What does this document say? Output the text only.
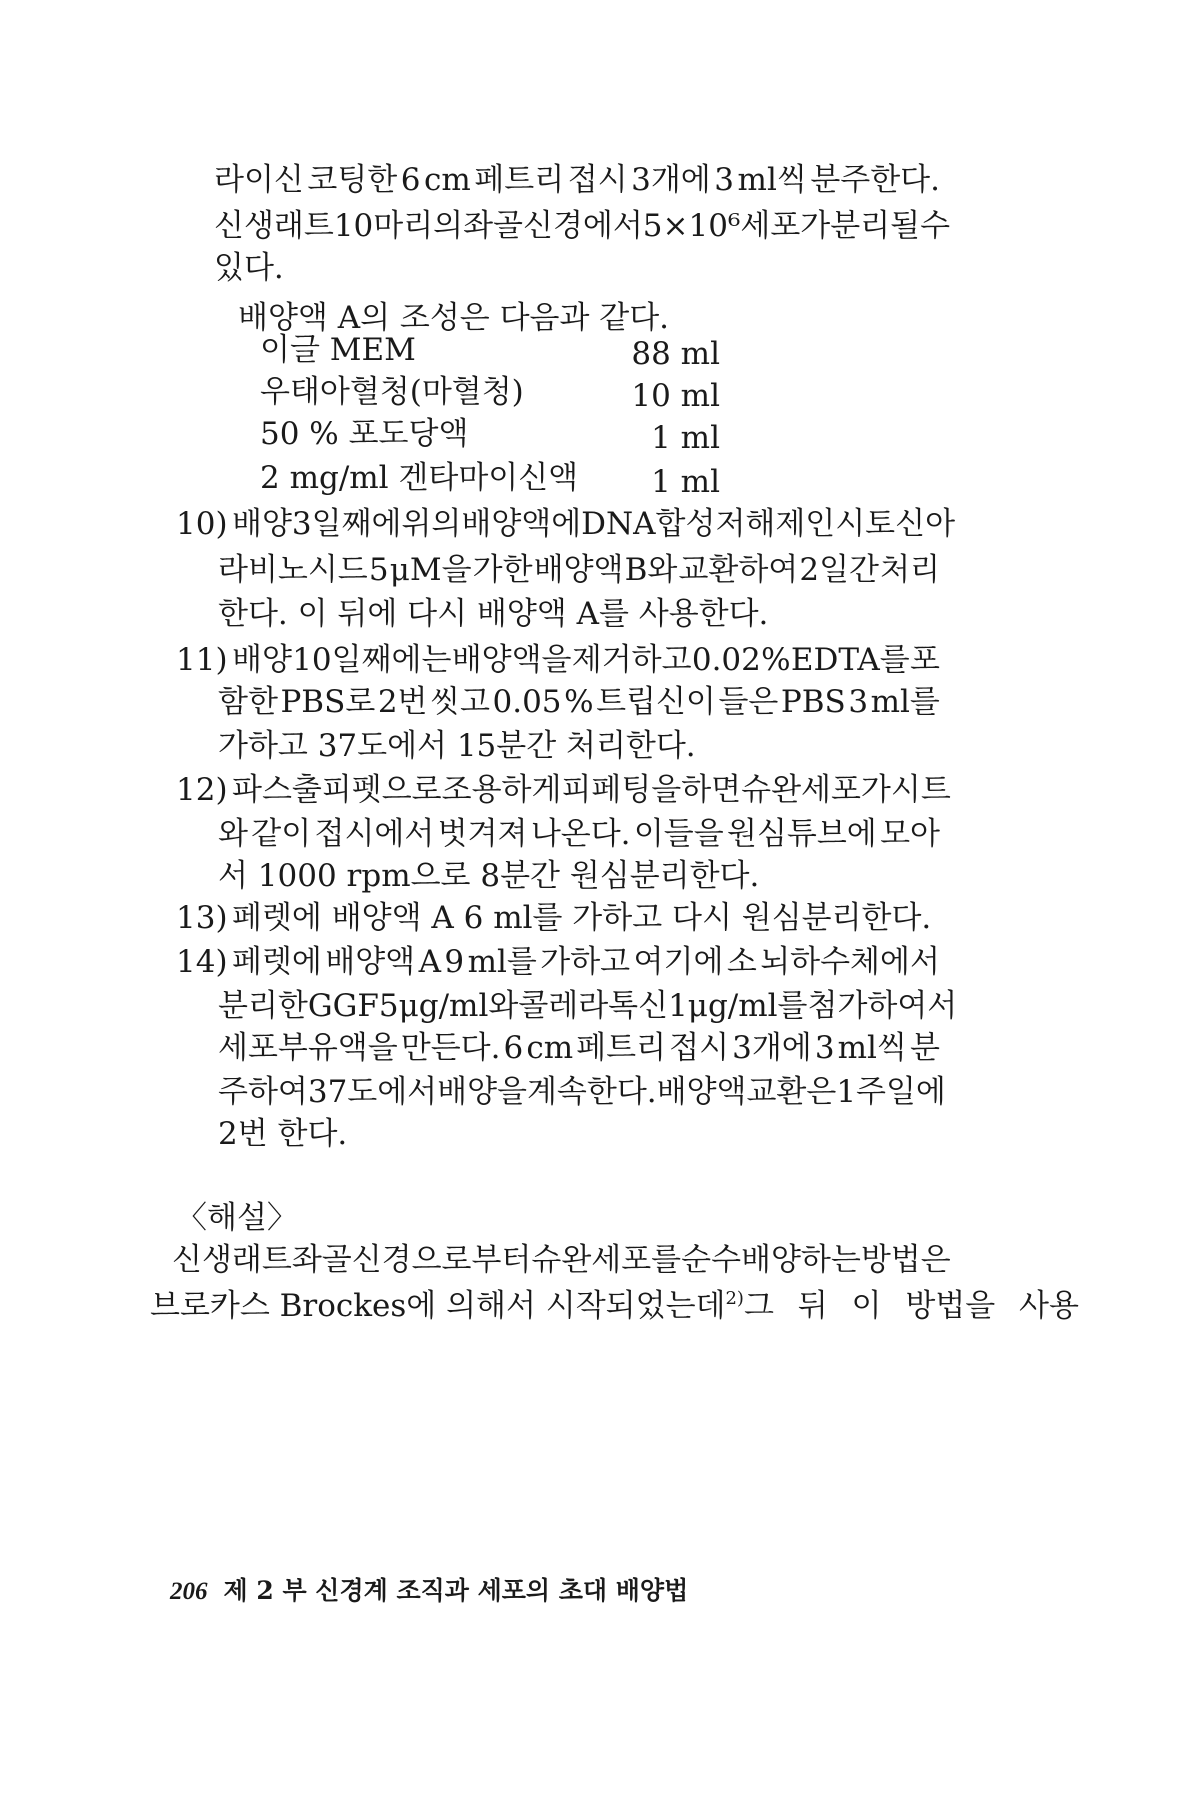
라이신 코팅한 6 cm 페트리 접시 3개에 3 ml씩 분주한다.
신생 래트 10마리의 좌골신경에서 5×10⁶ 세포가 분리될 수
있다.
배양액 A의 조성은 다음과 같다.
이글 MEM	88 ml
우태아혈청(마혈청)	10 ml
50 % 포도당액	1 ml
2 mg/ml 겐타마이신액	1 ml
10) 배양 3일째에 위의 배양액에 DNA 합성저해제인 시토신아
라비노시드 5 μM을 가한 배양액 B와 교환하여 2일간 처리
한다. 이 뒤에 다시 배양액 A를 사용한다.
11) 배양 10일째에는 배양액을 제거하고 0.02 % EDTA를 포
함한 PBS로 2번 씻고 0.05 % 트립신이 들은 PBS 3 ml를
가하고 37도에서 15분간 처리한다.
12) 파스출 피펫으로 조용하게 피페팅을 하면 슈완세포가 시트
와 같이 접시에서 벗겨져 나온다. 이들을 원심튜브에 모아
서 1000 rpm으로 8분간 원심분리한다.
13) 페렛에 배양액 A 6 ml를 가하고 다시 원심분리한다.
14) 페렛에 배양액 A 9 ml를 가하고 여기에 소 뇌하수체에서
분리한 GGF 5 μg/ml와 콜레라톡신 1 μg/ml를 첨가하여서
세포부유액을 만든다. 6 cm 페트리 접시 3개에 3 ml씩 분
주하여 37도에서 배양을 계속한다. 배양액 교환은 1주일에
2번 한다.
〈해설〉
신생 래트 좌골신경으로부터 슈완세포를 순수배양하는 방법은
브로카스 Brockes에 의해서 시작되었는데$^{2)}$ 그 뒤 이 방법을 사용
206 제 2 부 신경계 조직과 세포의 초대 배양법
